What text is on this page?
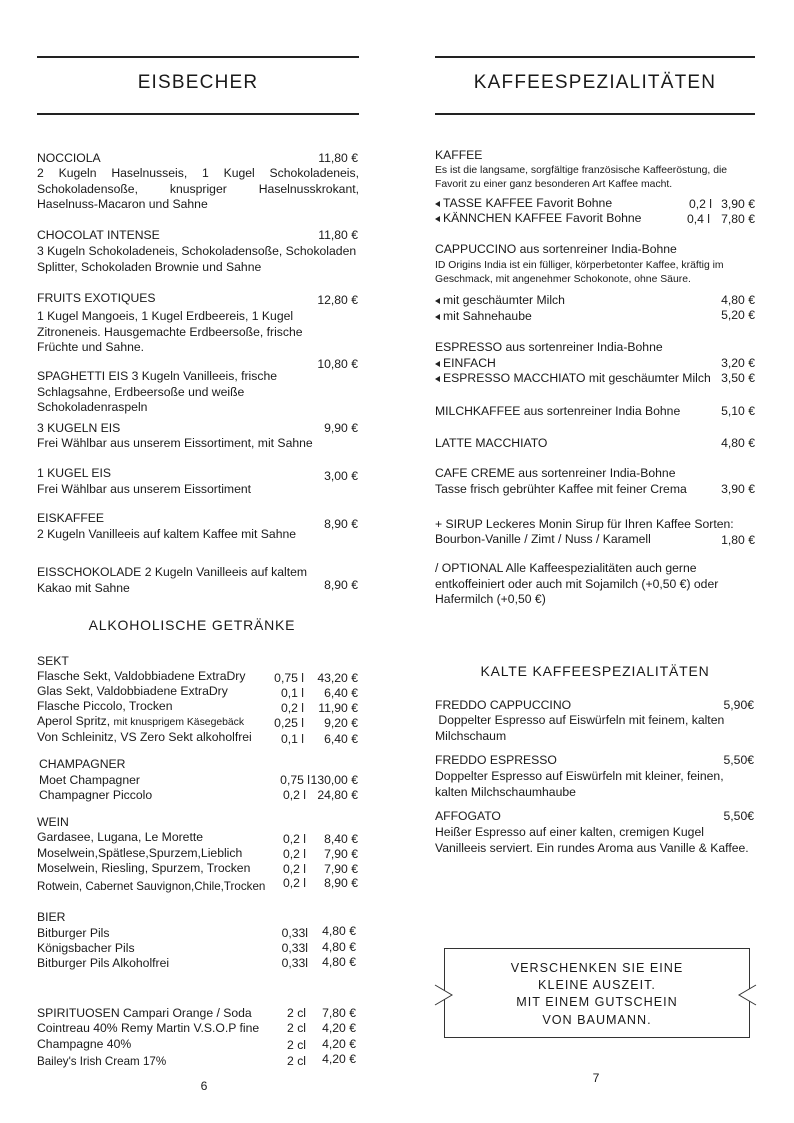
EISBECHER
NOCCIOLA	11,80 €
2 Kugeln Haselnusseis, 1 Kugel Schokoladeneis, Schokoladensoße, knuspriger Haselnusskrokant, Haselnuss-Macaron und Sahne
CHOCOLAT INTENSE	11,80 €
3 Kugeln Schokoladeneis, Schokoladensoße, Schokoladen Splitter, Schokoladen Brownie und Sahne
FRUITS EXOTIQUES	12,80 €
1 Kugel Mangoeis, 1 Kugel Erdbeereis, 1 Kugel Zitroneneis. Hausgemachte Erdbeersoße, frische Früchte und Sahne.
10,80 €
SPAGHETTI EIS 3 Kugeln Vanilleeis, frische Schlagsahne, Erdbeersoße und weiße Schokoladenraspeln
3 KUGELN EIS	9,90 €
Frei Wählbar aus unserem Eissortiment, mit Sahne
1 KUGEL EIS	3,00 €
Frei Wählbar aus unserem Eissortiment
EISKAFFEE	8,90 €
2 Kugeln Vanilleeis auf kaltem Kaffee mit Sahne
EISSCHOKOLADE 2 Kugeln Vanilleeis auf kaltem Kakao mit Sahne	8,90 €
ALKOHOLISCHE GETRÄNKE
SEKT
Flasche Sekt, Valdobbiadene ExtraDry	0,75 l	43,20 €
Glas Sekt, Valdobbiadene ExtraDry	0,1 l	6,40 €
Flasche Piccolo, Trocken	0,2 l	11,90 €
Aperol Spritz, mit knusprigem Käsegebäck	0,25 l	9,20 €
Von Schleinitz, VS Zero Sekt alkoholfrei	0,1 l	6,40 €
CHAMPAGNER
Moet Champagner	0,75 l 130,00 €
Champagner Piccolo	0,2 l 24,80 €
WEIN
Gardasee, Lugana, Le Morette	0,2 l	8,40 €
Moselwein,Spätlese,Spurzem,Lieblich	0,2 l	7,90 €
Moselwein, Riesling, Spurzem, Trocken	0,2 l	7,90 €
Rotwein, Cabernet Sauvignon,Chile,Trocken	0,2 l	8,90 €
BIER
Bitburger Pils	0,33l	4,80 €
Königsbacher Pils	0,33l	4,80 €
Bitburger Pils Alkoholfrei	0,33l	4,80 €
SPIRITUOSEN Campari Orange / Soda	2 cl	7,80 €
Cointreau 40% Remy Martin V.S.O.P fine	2 cl	4,20 €
Champagne 40%	2 cl	4,20 €
Bailey's Irish Cream 17%	2 cl	4,20 €
6
KAFFEESPEZIALITÄTEN
KAFFEE
Es ist die langsame, sorgfältige französische Kaffeeröstung, die Favorit zu einer ganz besonderen Art Kaffee macht.
TASSE KAFFEE Favorit Bohne	0,2 l 3,90 €
KÄNNCHEN KAFFEE Favorit Bohne	0,4 l 7,80 €
CAPPUCCINO aus sortenreiner India-Bohne
ID Origins India ist ein fülliger, körperbetonter Kaffee, kräftig im Geschmack, mit angenehmer Schokonote, ohne Säure.
mit geschäumter Milch	4,80 €
mit Sahnehaube	5,20 €
ESPRESSO aus sortenreiner India-Bohne
EINFACH	3,20 €
ESPRESSO MACCHIATO mit geschäumter Milch 3,50 €
MILCHKAFFEE aus sortenreiner India Bohne	5,10 €
LATTE MACCHIATO	4,80 €
CAFE CREME aus sortenreiner India-Bohne
Tasse frisch gebrühter Kaffee mit feiner Crema	3,90 €
+ SIRUP Leckeres Monin Sirup für Ihren Kaffee Sorten:
Bourbon-Vanille / Zimt / Nuss / Karamell	1,80 €
/ OPTIONAL Alle Kaffeespezialitäten auch gerne entkoffeiniert oder auch mit Sojamilch (+0,50 €) oder Hafermilch (+0,50 €)
KALTE KAFFEESPEZIALITÄTEN
FREDDO CAPPUCCINO	5,90€
Doppelter Espresso auf Eiswürfeln mit feinem, kalten Milchschaum
FREDDO ESPRESSO	5,50€
Doppelter Espresso auf Eiswürfeln mit kleiner, feinen, kalten Milchschaumhaube
AFFOGATO	5,50€
Heißer Espresso auf einer kalten, cremigen Kugel Vanilleeis serviert. Ein rundes Aroma aus Vanille & Kaffee.
VERSCHENKEN SIE EINE
KLEINE AUSZEIT.
MIT EINEM GUTSCHEIN
VON BAUMANN.
7
